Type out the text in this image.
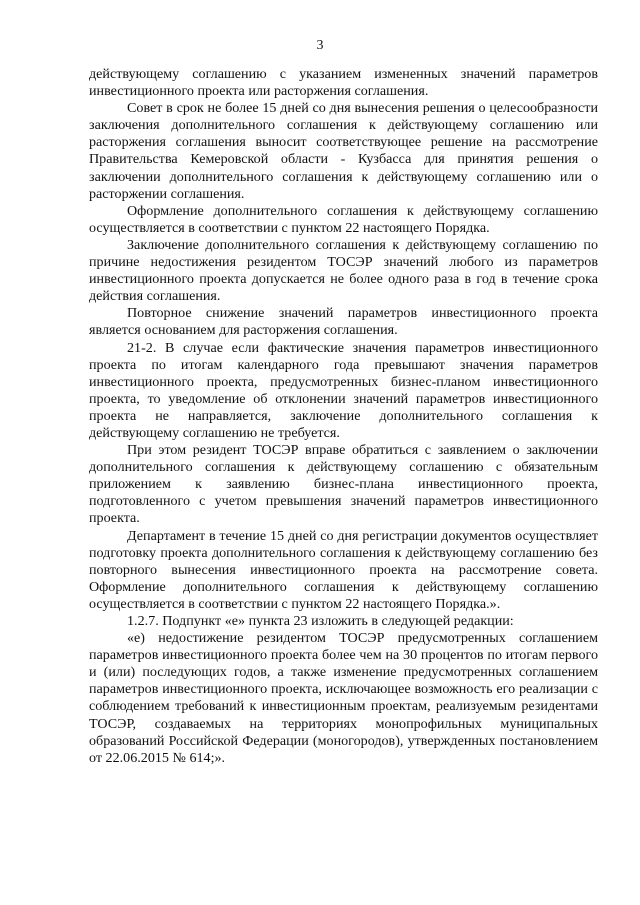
3

действующему соглашению с указанием измененных значений параметров инвестиционного проекта или расторжения соглашения.

Совет в срок не более 15 дней со дня вынесения решения о целесообразности заключения дополнительного соглашения к действующему соглашению или расторжения соглашения выносит соответствующее решение на рассмотрение Правительства Кемеровской области - Кузбасса для принятия решения о заключении дополнительного соглашения к действующему соглашению или о расторжении соглашения.

Оформление дополнительного соглашения к действующему соглашению осуществляется в соответствии с пунктом 22 настоящего Порядка.

Заключение дополнительного соглашения к действующему соглашению по причине недостижения резидентом ТОСЭР значений любого из параметров инвестиционного проекта допускается не более одного раза в год в течение срока действия соглашения.

Повторное снижение значений параметров инвестиционного проекта является основанием для расторжения соглашения.

21-2. В случае если фактические значения параметров инвестиционного проекта по итогам календарного года превышают значения параметров инвестиционного проекта, предусмотренных бизнес-планом инвестиционного проекта, то уведомление об отклонении значений параметров инвестиционного проекта не направляется, заключение дополнительного соглашения к действующему соглашению не требуется.

При этом резидент ТОСЭР вправе обратиться с заявлением о заключении дополнительного соглашения к действующему соглашению с обязательным приложением к заявлению бизнес-плана инвестиционного проекта, подготовленного с учетом превышения значений параметров инвестиционного проекта.

Департамент в течение 15 дней со дня регистрации документов осуществляет подготовку проекта дополнительного соглашения к действующему соглашению без повторного вынесения инвестиционного проекта на рассмотрение совета. Оформление дополнительного соглашения к действующему соглашению осуществляется в соответствии с пунктом 22 настоящего Порядка.».

1.2.7. Подпункт «е» пункта 23 изложить в следующей редакции:

«е) недостижение резидентом ТОСЭР предусмотренных соглашением параметров инвестиционного проекта более чем на 30 процентов по итогам первого и (или) последующих годов, а также изменение предусмотренных соглашением параметров инвестиционного проекта, исключающее возможность его реализации с соблюдением требований к инвестиционным проектам, реализуемым резидентами ТОСЭР, создаваемых на территориях монопрофильных муниципальных образований Российской Федерации (моногородов), утвержденных постановлением от 22.06.2015 № 614;».
